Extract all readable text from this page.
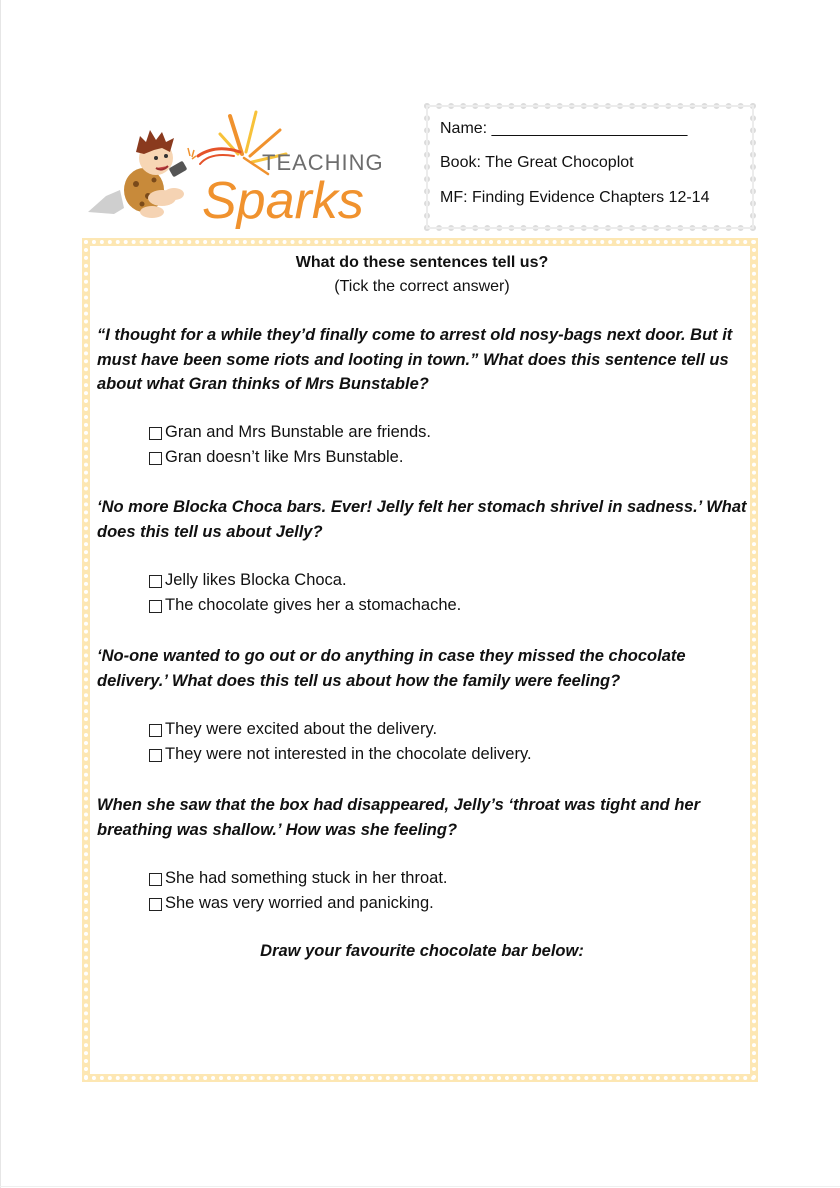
TEACHING
Sparks
Name: ______________________
Book: The Great Chocoplot
MF: Finding Evidence Chapters 12-14
What do these sentences tell us?
(Tick the correct answer)
“I thought for a while they’d finally come to arrest old nosy-bags next door. But it must have been some riots and looting in town.” What does this sentence tell us about what Gran thinks of Mrs Bunstable?
Gran and Mrs Bunstable are friends.
Gran doesn’t like Mrs Bunstable.
‘No more Blocka Choca bars. Ever! Jelly felt her stomach shrivel in sadness.’ What does this tell us about Jelly?
Jelly likes Blocka Choca.
The chocolate gives her a stomachache.
‘No-one wanted to go out or do anything in case they missed the chocolate delivery.’ What does this tell us about how the family were feeling?
They were excited about the delivery.
They were not interested in the chocolate delivery.
When she saw that the box had disappeared, Jelly’s ‘throat was tight and her breathing was shallow.’ How was she feeling?
She had something stuck in her throat.
She was very worried and panicking.
Draw your favourite chocolate bar below:
